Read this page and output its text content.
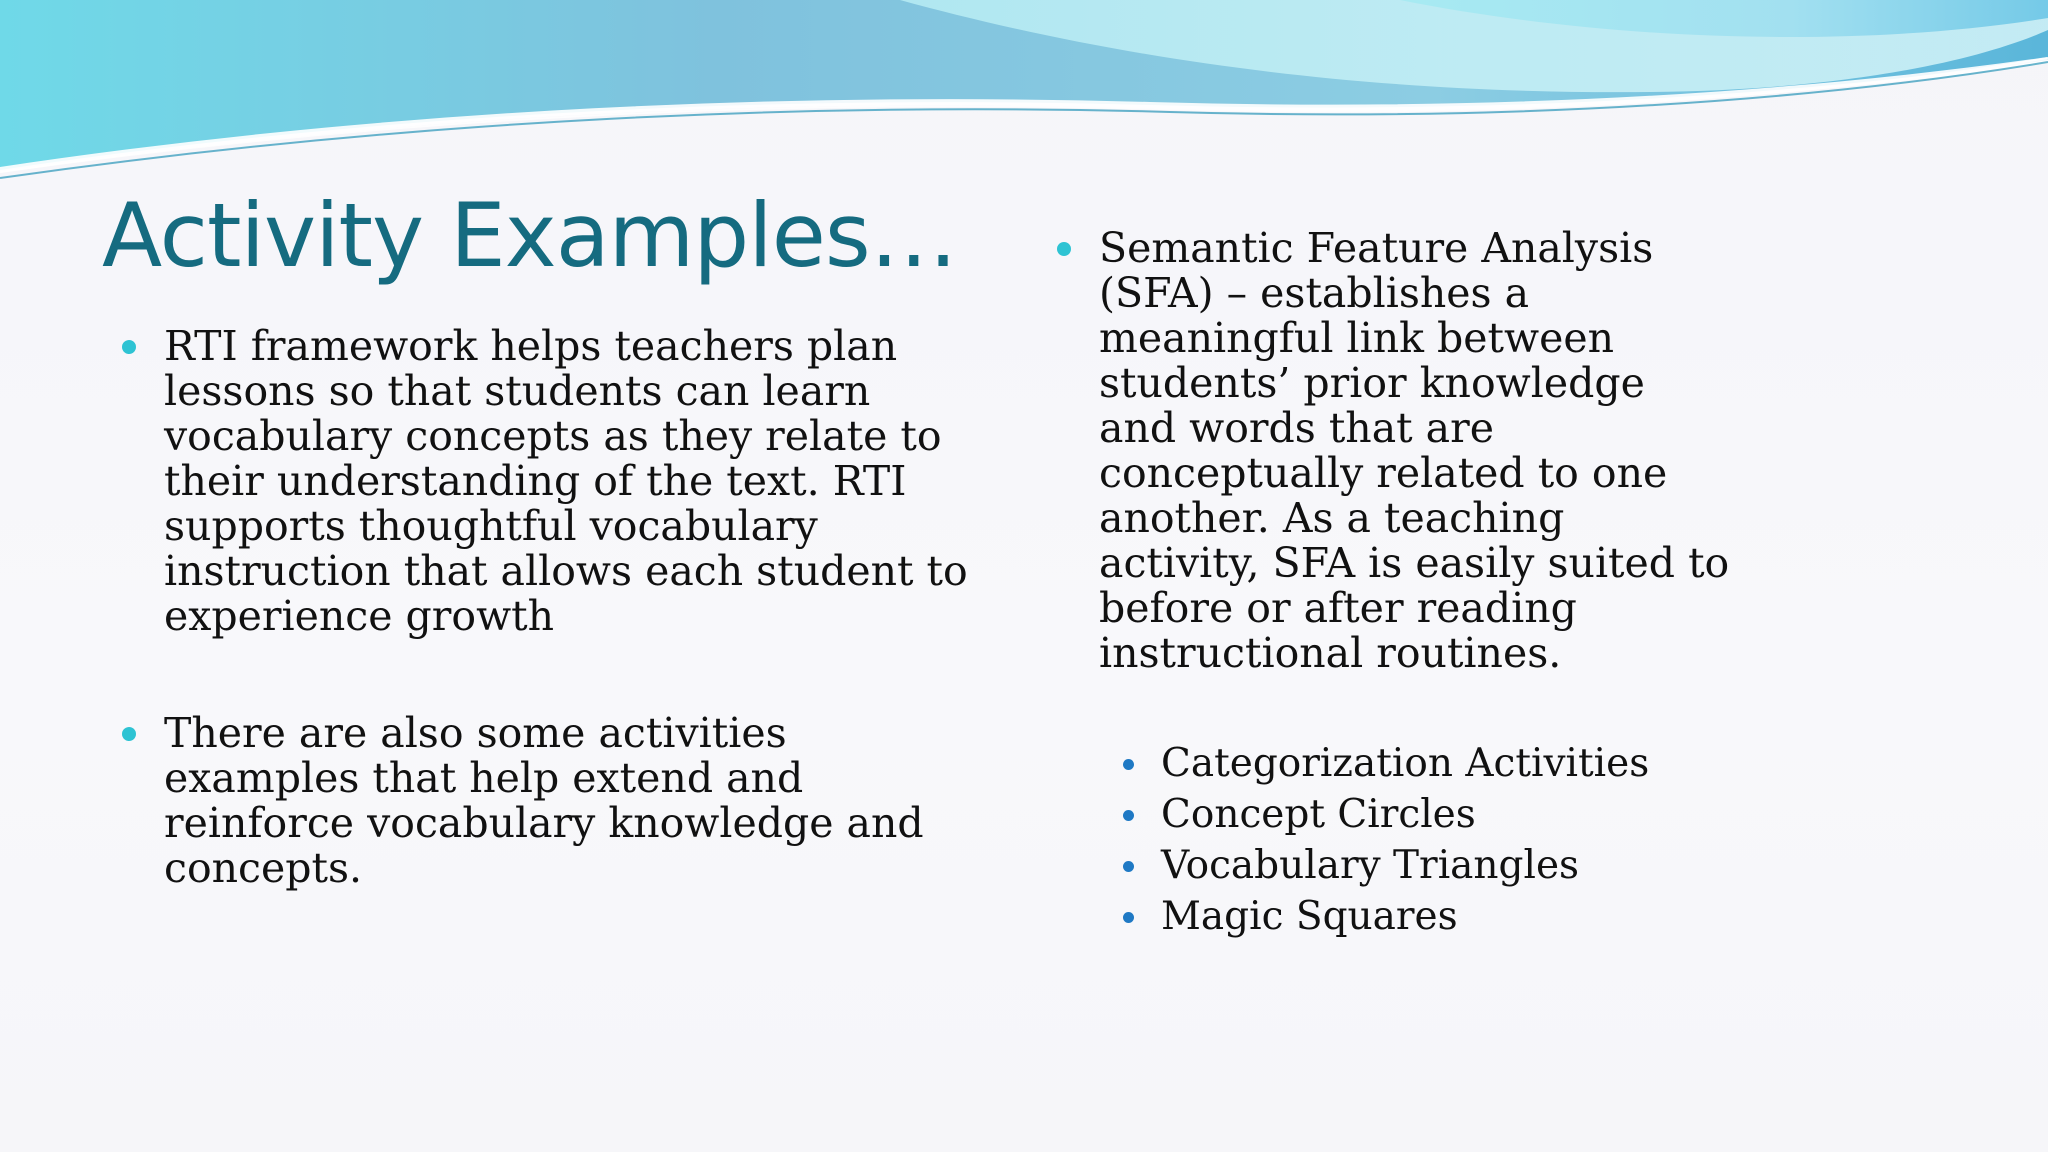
Activity Examples…

RTI framework helps teachers plan lessons so that students can learn vocabulary concepts as they relate to their understanding of the text. RTI supports thoughtful vocabulary instruction that allows each student to experience growth

There are also some activities examples that help extend and reinforce vocabulary knowledge and concepts.

Semantic Feature Analysis (SFA) – establishes a meaningful link between students’ prior knowledge and words that are conceptually related to one another. As a teaching activity, SFA is easily suited to before or after reading instructional routines.

Categorization Activities

Concept Circles

Vocabulary Triangles

Magic Squares
